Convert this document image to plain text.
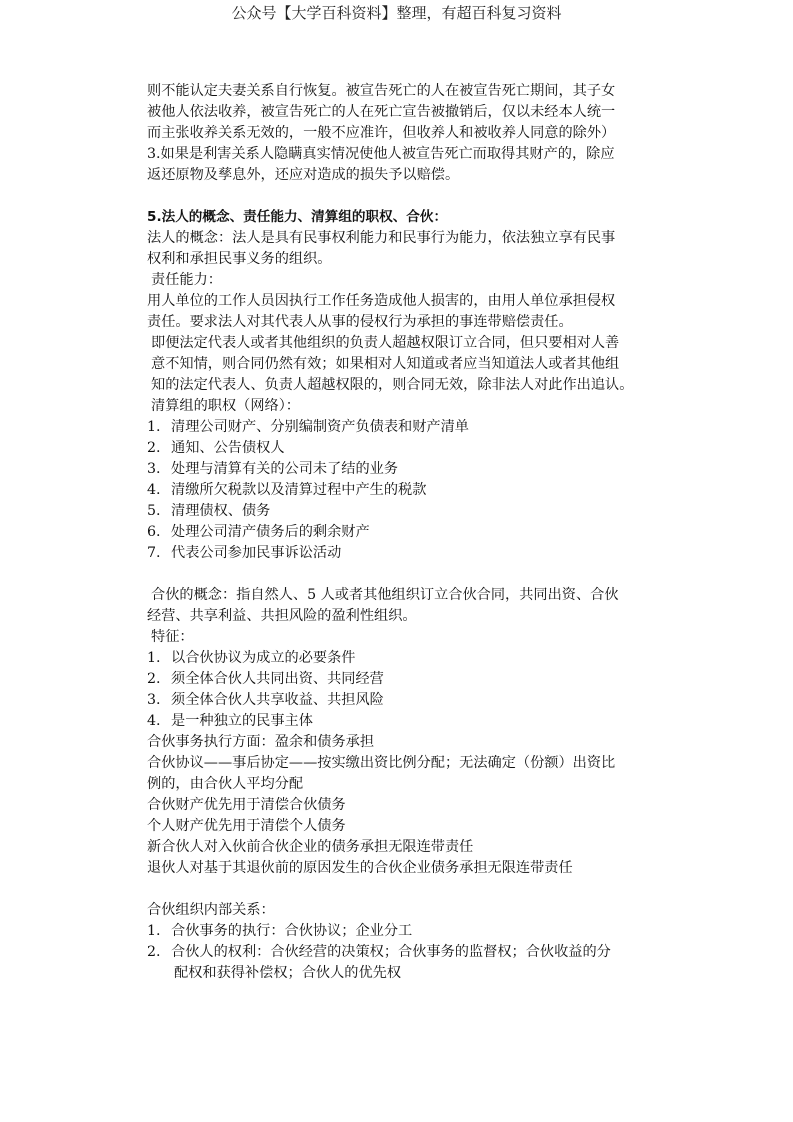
公众号【大学百科资料】整理，有超百科复习资料
则不能认定夫妻关系自行恢复。被宣告死亡的人在被宣告死亡期间，其子女
被他人依法收养，被宣告死亡的人在死亡宣告被撤销后，仅以未经本人统一
而主张收养关系无效的，一般不应准许，但收养人和被收养人同意的除外）
3.如果是利害关系人隐瞒真实情况使他人被宣告死亡而取得其财产的，除应
返还原物及孳息外，还应对造成的损失予以赔偿。
5.法人的概念、责任能力、清算组的职权、合伙：
法人的概念：法人是具有民事权利能力和民事行为能力，依法独立享有民事
权利和承担民事义务的组织。
责任能力：
用人单位的工作人员因执行工作任务造成他人损害的，由用人单位承担侵权
责任。要求法人对其代表人从事的侵权行为承担的事连带赔偿责任。
即便法定代表人或者其他组织的负责人超越权限订立合同，但只要相对人善
意不知情，则合同仍然有效；如果相对人知道或者应当知道法人或者其他组
知的法定代表人、负责人超越权限的，则合同无效，除非法人对此作出追认。
清算组的职权（网络）：
1. 清理公司财产、分别编制资产负债表和财产清单
2. 通知、公告债权人
3. 处理与清算有关的公司未了结的业务
4. 清缴所欠税款以及清算过程中产生的税款
5. 清理债权、债务
6. 处理公司清产债务后的剩余财产
7. 代表公司参加民事诉讼活动
合伙的概念：指自然人、5 人或者其他组织订立合伙合同，共同出资、合伙
经营、共享利益、共担风险的盈利性组织。
特征：
1. 以合伙协议为成立的必要条件
2. 须全体合伙人共同出资、共同经营
3. 须全体合伙人共享收益、共担风险
4. 是一种独立的民事主体
合伙事务执行方面：盈余和债务承担
合伙协议——事后协定——按实缴出资比例分配；无法确定（份额）出资比
例的，由合伙人平均分配
合伙财产优先用于清偿合伙债务
个人财产优先用于清偿个人债务
新合伙人对入伙前合伙企业的债务承担无限连带责任
退伙人对基于其退伙前的原因发生的合伙企业债务承担无限连带责任
合伙组织内部关系：
1. 合伙事务的执行：合伙协议；企业分工
2. 合伙人的权利：合伙经营的决策权；合伙事务的监督权；合伙收益的分
配权和获得补偿权；合伙人的优先权
